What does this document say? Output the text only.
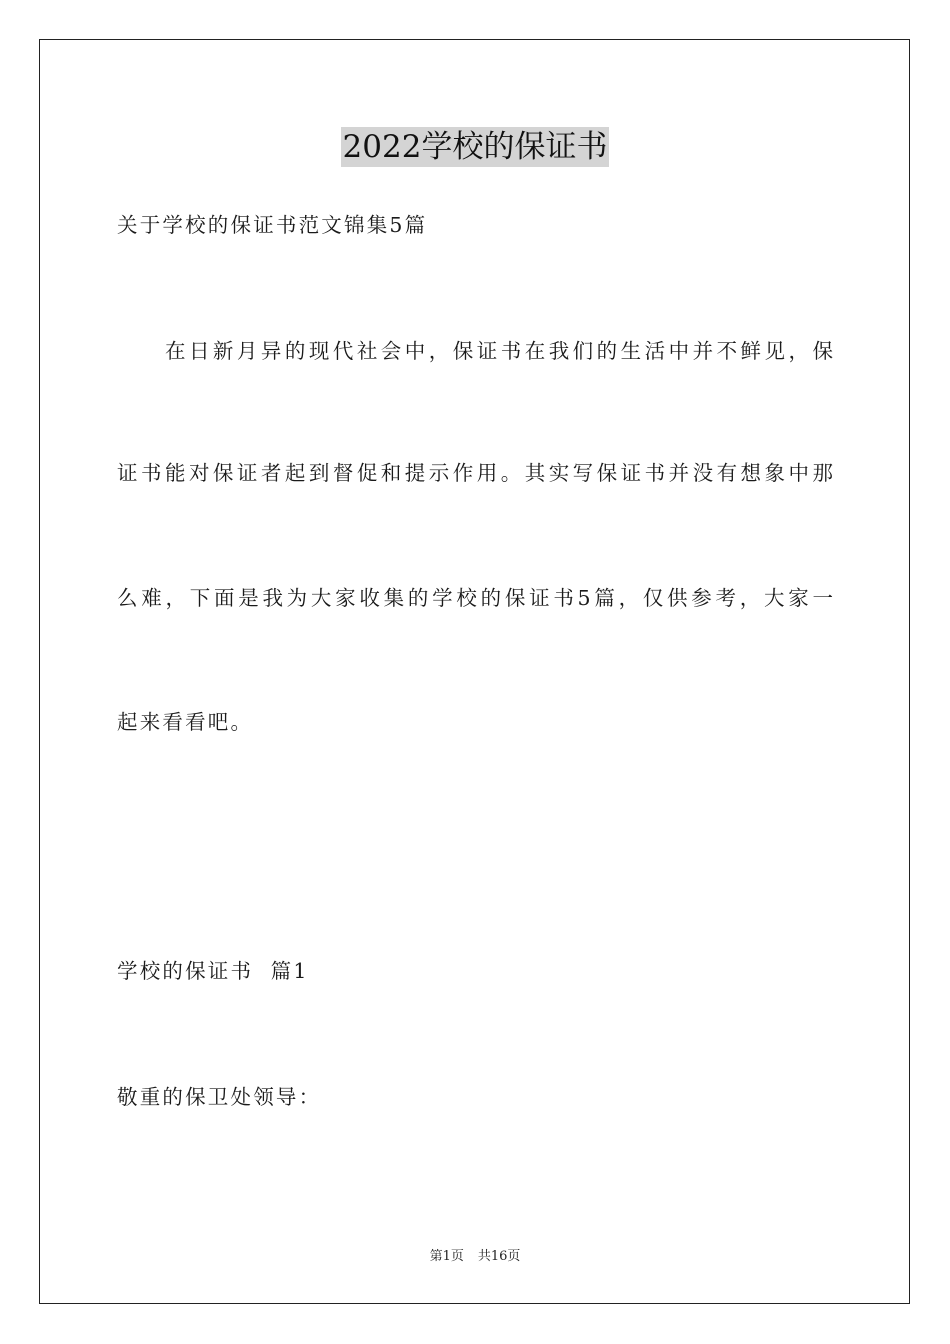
2022学校的保证书
关于学校的保证书范文锦集5篇
　　在日新月异的现代社会中，保证书在我们的生活中并不鲜见，保
证书能对保证者起到督促和提示作用。其实写保证书并没有想象中那
么难，下面是我为大家收集的学校的保证书5篇，仅供参考，大家一
起来看看吧。
学校的保证书  篇1
敬重的保卫处领导：
第1页 共16页
